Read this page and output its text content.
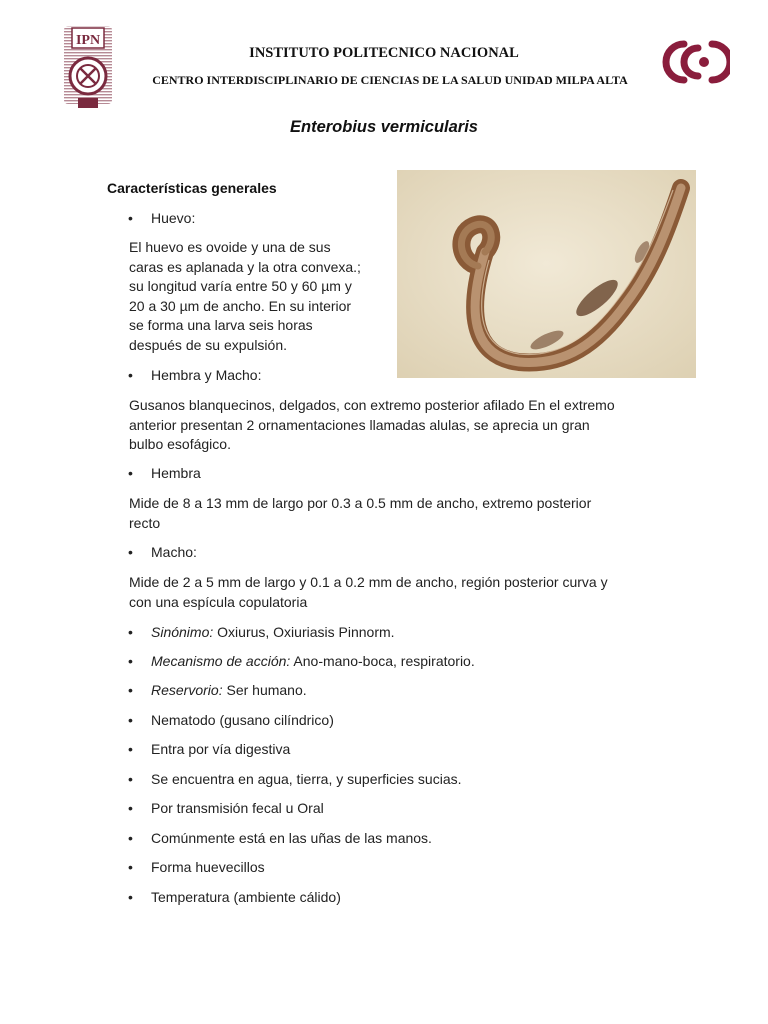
IPN	CICS
INSTITUTO POLITECNICO NACIONAL
CENTRO INTERDISCIPLINARIO DE CIENCIAS DE LA SALUD UNIDAD MILPA ALTA
Enterobius vermicularis

Características generales

• Huevo:

El huevo es ovoide y una de sus
caras es aplanada y la otra convexa.;
su longitud varía entre 50 y 60 µm y
20 a 30 µm de ancho. En su interior
se forma una larva seis horas
después de su expulsión.

• Hembra y Macho:

Gusanos blanquecinos, delgados, con extremo posterior afilado En el extremo
anterior presentan 2 ornamentaciones llamadas alulas, se aprecia un gran
bulbo esofágico.

• Hembra

Mide de 8 a 13 mm de largo por 0.3 a 0.5 mm de ancho, extremo posterior
recto

• Macho:

Mide de 2 a 5 mm de largo y 0.1 a 0.2 mm de ancho, región posterior curva y
con una espícula copulatoria

• Sinónimo: Oxiurus, Oxiuriasis Pinnorm.
• Mecanismo de acción: Ano-mano-boca, respiratorio.
• Reservorio: Ser humano.
• Nematodo (gusano cilíndrico)
• Entra por vía digestiva
• Se encuentra en agua, tierra, y superficies sucias.
• Por transmisión fecal u Oral
• Comúnmente está en las uñas de las manos.
• Forma huevecillos
• Temperatura (ambiente cálido)
